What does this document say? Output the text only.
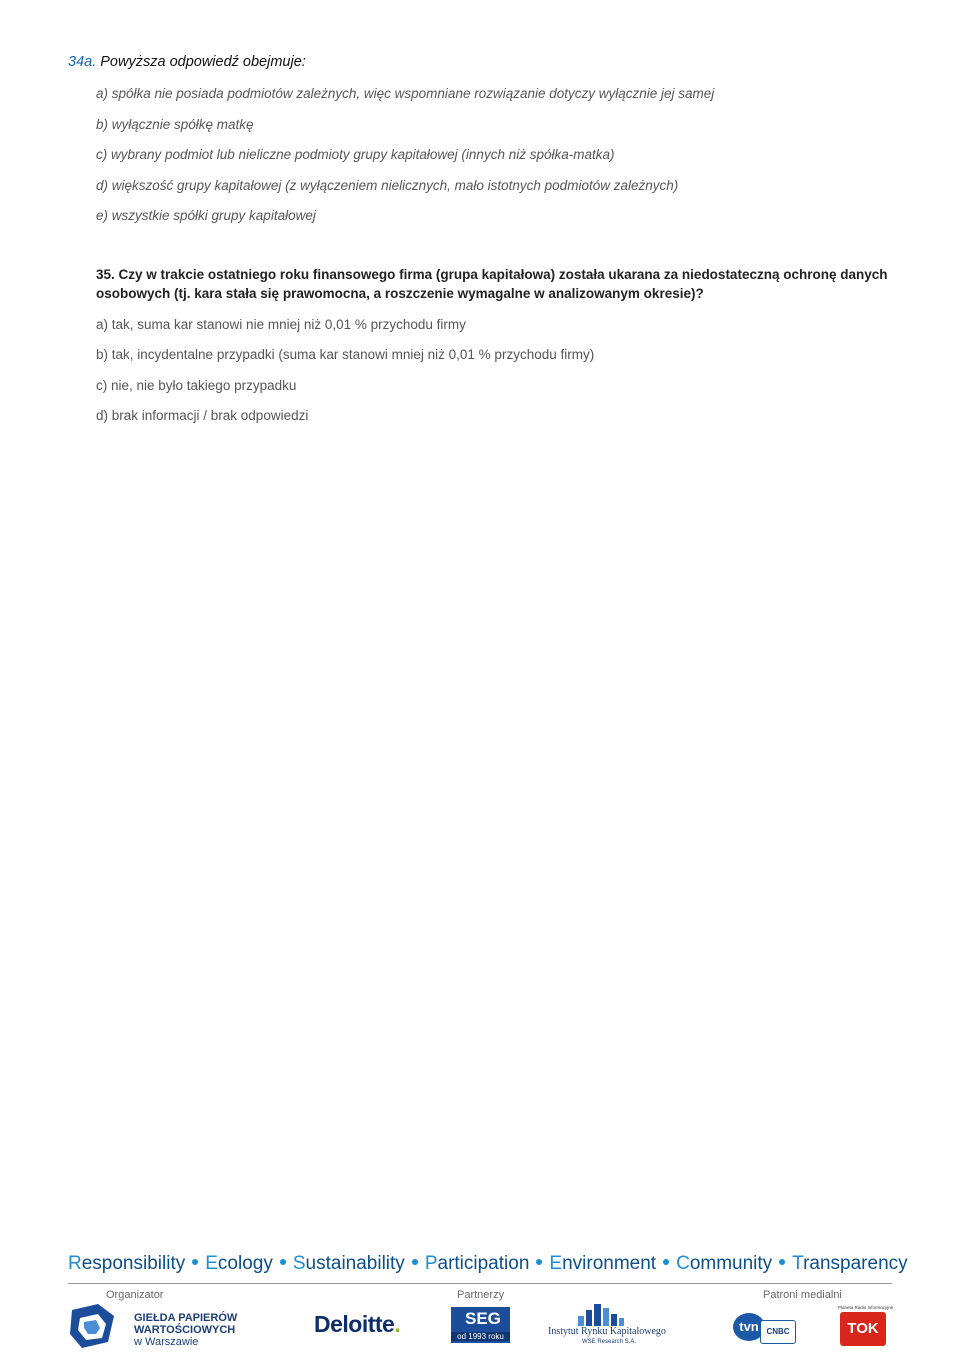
34a. Powyższa odpowiedź obejmuje:
a) spółka nie posiada podmiotów zależnych, więc wspomniane rozwiązanie dotyczy wyłącznie jej samej
b) wyłącznie spółkę matkę
c) wybrany podmiot lub nieliczne podmioty grupy kapitałowej (innych niż spółka-matka)
d) większość grupy kapitałowej (z wyłączeniem nielicznych, mało istotnych podmiotów zależnych)
e) wszystkie spółki grupy kapitałowej
35. Czy w trakcie ostatniego roku finansowego firma (grupa kapitałowa) została ukarana za niedostateczną ochronę danych osobowych (tj. kara stała się prawomocna, a roszczenie wymagalne w analizowanym okresie)?
a) tak, suma kar stanowi nie mniej niż 0,01 % przychodu firmy
b) tak, incydentalne przypadki (suma kar stanowi mniej niż 0,01 % przychodu firmy)
c) nie, nie było takiego przypadku
d) brak informacji / brak odpowiedzi
Responsibility Ecology Sustainability Participation Environment Community Transparency
Organizator	Partnerzy	Patroni medialni
GIEŁDA PAPIERÓW
WARTOŚCIOWYCH
w Warszawie
Deloitte.	SEG
od 1993 roku	Instytut Rynku Kapitałowego
WSE Research S.A.
tvn CNBC
Planeta Radio Informacyjne
TOK
